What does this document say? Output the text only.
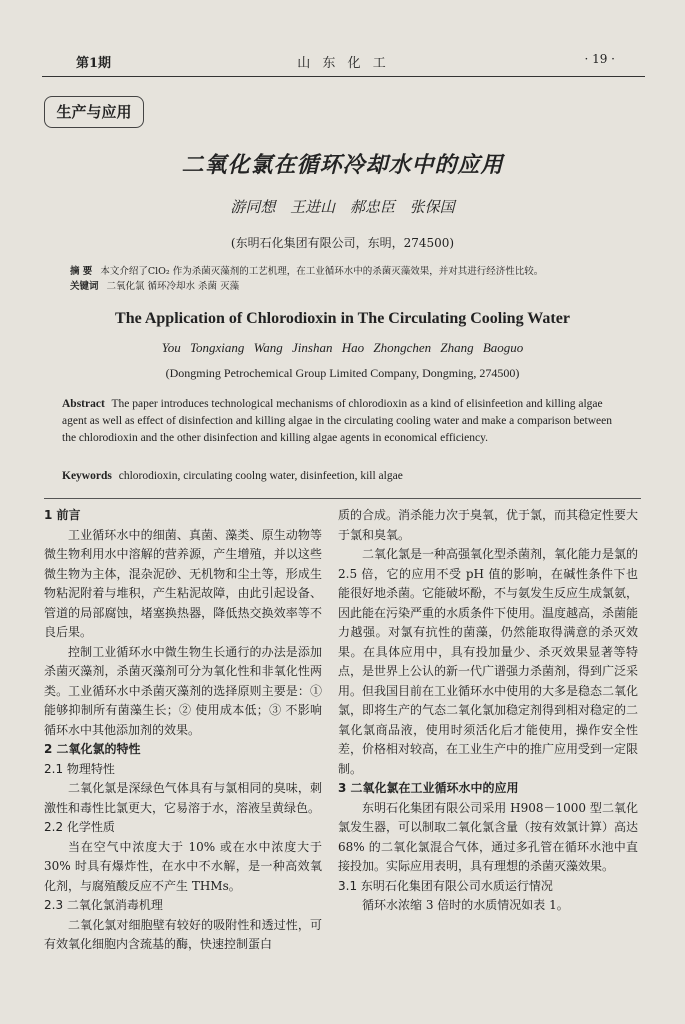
第1期	山 东 化 工	· 19 ·
生产与应用
二氧化氯在循环冷却水中的应用
游同想 王进山 郝忠臣 张保国
(东明石化集团有限公司，东明，274500)
摘 要 本文介绍了ClO₂ 作为杀菌灭藻剂的工艺机理，在工业循环水中的杀菌灭藻效果，并对其进行经济性比较。
关键词 二氧化氯 循环冷却水 杀菌 灭藻
The Application of Chlorodioxin in The Circulating Cooling Water
You Tongxiang Wang Jinshan Hao Zhongchen Zhang Baoguo
(Dongming Petrochemical Group Limited Company, Dongming, 274500)
Abstract The paper introduces technological mechanisms of chlorodioxin as a kind of elisinfeetion and killing algae agent as well as effect of disinfection and killing algae in the circulating cooling water and make a comparison between the chlorodioxin and the other disinfection and killing algae agents in economical efficiency.
Keywords chlorodioxin, circulating coolng water, disinfeetion, kill algae

1 前言

工业循环水中的细菌、真菌、藻类、原生动物等微生物利用水中溶解的营养源，产生增殖，并以这些微生物为主体，混杂泥砂、无机物和尘土等，形成生物粘泥附着与堆积，产生粘泥故障，由此引起设备、管道的局部腐蚀，堵塞换热器，降低热交换效率等不良后果。

控制工业循环水中微生物生长通行的办法是添加杀菌灭藻剂，杀菌灭藻剂可分为氧化性和非氧化性两类。工业循环水中杀菌灭藻剂的选择原则主要是：① 能够抑制所有菌藻生长；② 使用成本低；③ 不影响循环水中其他添加剂的效果。

2 二氧化氯的特性

2.1 物理特性

二氧化氯是深绿色气体具有与氯相同的臭味，刺激性和毒性比氯更大，它易溶于水，溶液呈黄绿色。

2.2 化学性质

当在空气中浓度大于 10% 或在水中浓度大于 30% 时具有爆炸性，在水中不水解，是一种高效氧化剂，与腐殖酸反应不产生 THMs。

2.3 二氧化氯消毒机理

二氧化氯对细胞壁有较好的吸附性和透过性，可有效氧化细胞内含巯基的酶，快速控制蛋白

质的合成。消杀能力次于臭氧，优于氯，而其稳定性要大于氯和臭氧。

二氧化氯是一种高强氧化型杀菌剂，氧化能力是氯的 2.5 倍，它的应用不受 pH 值的影响，在碱性条件下也能很好地杀菌。它能破坏酚，不与氨发生反应生成氯氨，因此能在污染严重的水质条件下使用。温度越高，杀菌能力越强。对氯有抗性的菌藻，仍然能取得满意的杀灭效果。在具体应用中，具有投加量少、杀灭效果显著等特点，是世界上公认的新一代广谱强力杀菌剂，得到广泛采用。但我国目前在工业循环水中使用的大多是稳态二氧化氯，即将生产的气态二氧化氯加稳定剂得到相对稳定的二氧化氯商品液，使用时须活化后才能使用，操作安全性差，价格相对较高，在工业生产中的推广应用受到一定限制。

3 二氧化氯在工业循环水中的应用

东明石化集团有限公司采用 H908－1000 型二氧化氯发生器，可以制取二氧化氯含量（按有效氯计算）高达 68% 的二氧化氯混合气体，通过多孔管在循环水池中直接投加。实际应用表明，具有理想的杀菌灭藻效果。

3.1 东明石化集团有限公司水质运行情况

循环水浓缩 3 倍时的水质情况如表 1。
